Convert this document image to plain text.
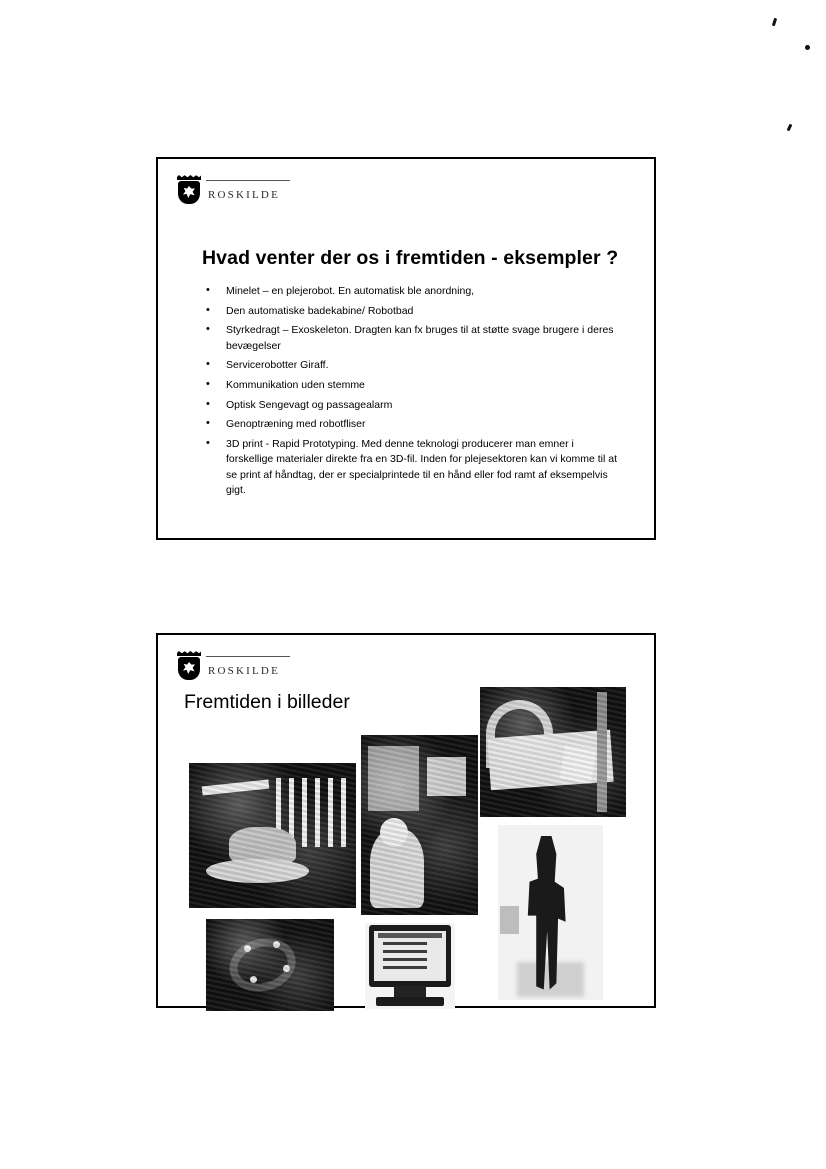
ROSKILDE
Hvad venter der os i fremtiden - eksempler ?
• Minelet – en plejerobot. En automatisk ble anordning,
• Den automatiske badekabine/ Robotbad
• Styrkedragt – Exoskeleton. Dragten kan fx bruges til at støtte svage brugere i deres bevægelser
• Servicerobotter Giraff.
• Kommunikation uden stemme
• Optisk Sengevagt og passagealarm
• Genoptræning med robotfliser
• 3D print - Rapid Prototyping. Med denne teknologi producerer man emner i forskellige materialer direkte fra en 3D-fil. Inden for plejesektoren kan vi komme til at se print af håndtag, der er specialprintede til en hånd eller fod ramt af eksempelvis gigt.
ROSKILDE
Fremtiden i billeder
